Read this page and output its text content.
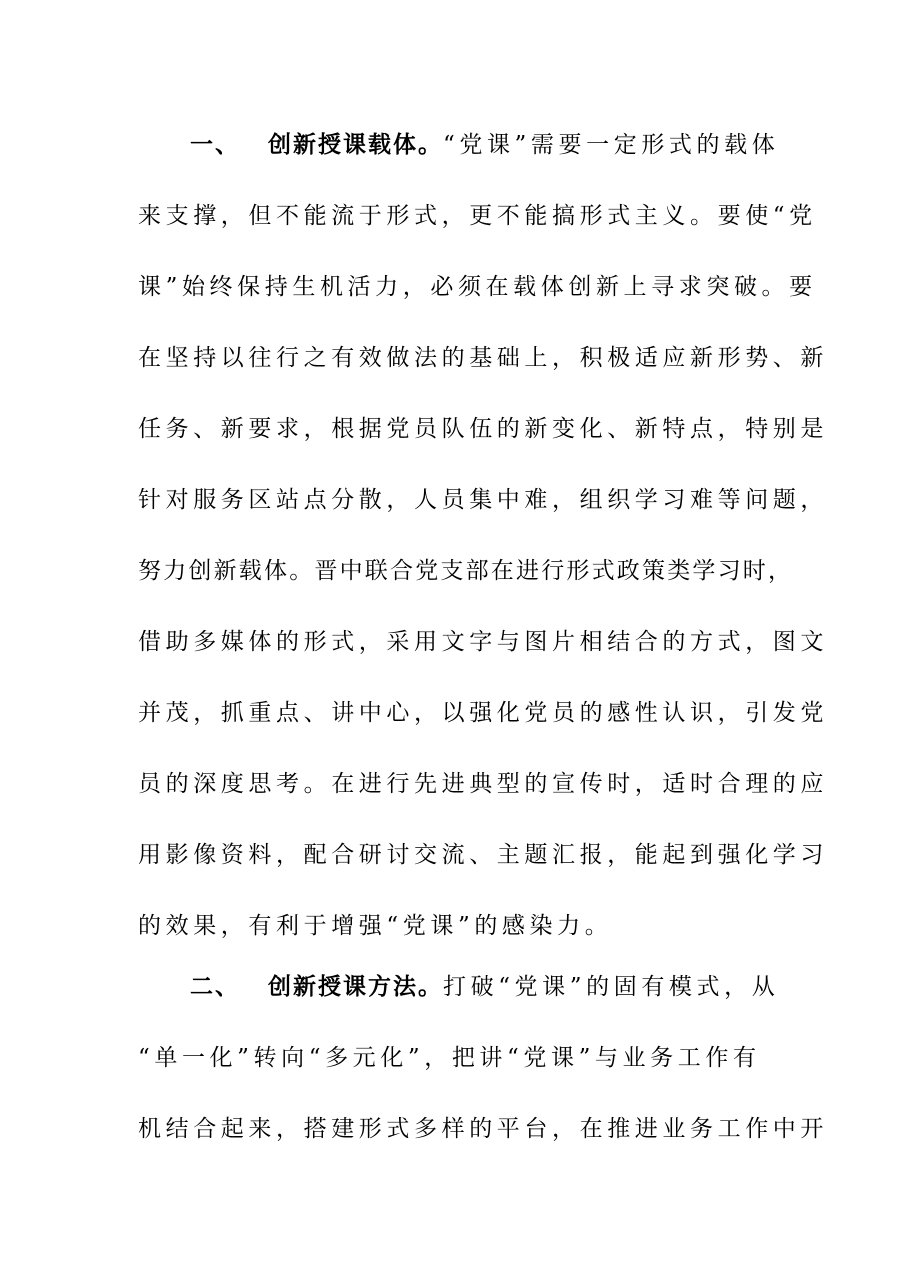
一、 创新授课载体。“党课”需要一定形式的载体
来支撑，但不能流于形式，更不能搞形式主义。要使“党
课”始终保持生机活力，必须在载体创新上寻求突破。要
在坚持以往行之有效做法的基础上，积极适应新形势、新
任务、新要求，根据党员队伍的新变化、新特点，特别是
针对服务区站点分散，人员集中难，组织学习难等问题，
努力创新载体。晋中联合党支部在进行形式政策类学习时，
借助多媒体的形式，采用文字与图片相结合的方式，图文
并茂，抓重点、讲中心，以强化党员的感性认识，引发党
员的深度思考。在进行先进典型的宣传时，适时合理的应
用影像资料，配合研讨交流、主题汇报，能起到强化学习
的效果，有利于增强“党课”的感染力。
二、 创新授课方法。打破“党课”的固有模式，从
“单一化”转向“多元化”，把讲“党课”与业务工作有
机结合起来，搭建形式多样的平台，在推进业务工作中开
